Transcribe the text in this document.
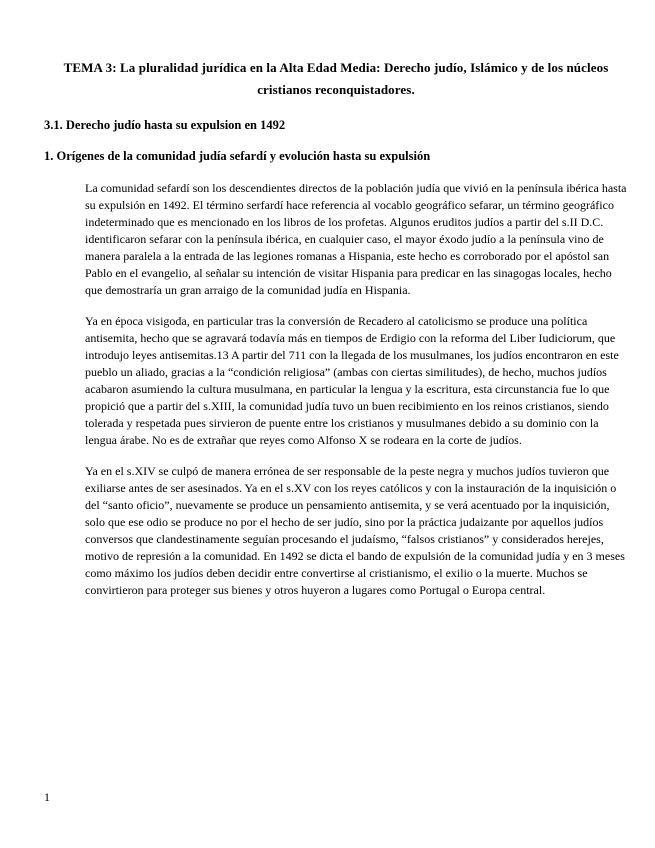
TEMA 3: La pluralidad jurídica en la Alta Edad Media: Derecho judío, Islámico y de los núcleos cristianos reconquistadores.
3.1. Derecho judío hasta su expulsion en 1492
1. Orígenes de la comunidad judía sefardí y evolución hasta su expulsión

La comunidad sefardí son los descendientes directos de la población judía que vivió en la península ibérica hasta su expulsión en 1492. El término serfardí hace referencia al vocablo geográfico sefarar, un término geográfico indeterminado que es mencionado en los libros de los profetas. Algunos eruditos judíos a partir del s.II D.C. identificaron sefarar con la península ibérica, en cualquier caso, el mayor éxodo judío a la península vino de manera paralela a la entrada de las legiones romanas a Hispania, este hecho es corroborado por el apóstol san Pablo en el evangelio, al señalar su intención de visitar Hispania para predicar en las sinagogas locales, hecho que demostraría un gran arraigo de la comunidad judía en Hispania.

Ya en época visigoda, en particular tras la conversión de Recadero al catolicismo se produce una política antisemita, hecho que se agravará todavía más en tiempos de Erdigio con la reforma del Liber Iudiciorum, que introdujo leyes antisemitas.13 A partir del 711 con la llegada de los musulmanes, los judíos encontraron en este pueblo un aliado, gracias a la “condición religiosa” (ambas con ciertas similitudes), de hecho, muchos judíos acabaron asumiendo la cultura musulmana, en particular la lengua y la escritura, esta circunstancia fue lo que propició que a partir del s.XIII, la comunidad judía tuvo un buen recibimiento en los reinos cristianos, siendo tolerada y respetada pues sirvieron de puente entre los cristianos y musulmanes debido a su dominio con la lengua árabe. No es de extrañar que reyes como Alfonso X se rodeara en la corte de judíos.

Ya en el s.XIV se culpó de manera errónea de ser responsable de la peste negra y muchos judíos tuvieron que exiliarse antes de ser asesinados. Ya en el s.XV con los reyes católicos y con la instauración de la inquisición o del “santo oficio”, nuevamente se produce un pensamiento antisemita, y se verá acentuado por la inquisición, solo que ese odio se produce no por el hecho de ser judío, sino por la práctica judaizante por aquellos judíos conversos que clandestinamente seguían procesando el judaísmo, “falsos cristianos” y considerados herejes, motivo de represión a la comunidad. En 1492 se dicta el bando de expulsión de la comunidad judía y en 3 meses como máximo los judíos deben decidir entre convertirse al cristianismo, el exilio o la muerte. Muchos se convirtieron para proteger sus bienes y otros huyeron a lugares como Portugal o Europa central.

1
